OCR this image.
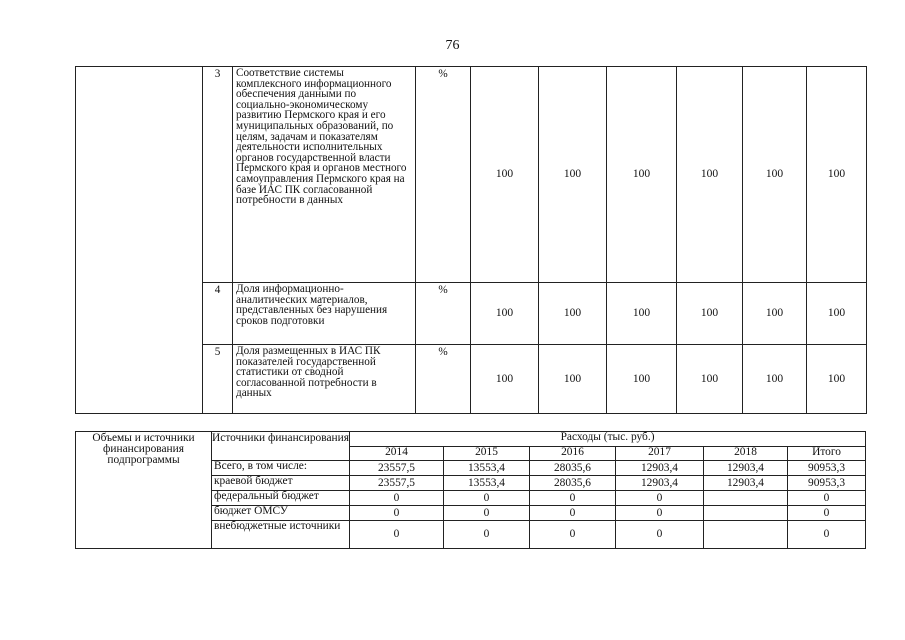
76
	3	Соответствие системы комплексного информационного обеспечения данными по социально-экономическому развитию Пермского края и его муниципальных образований, по целям, задачам и показателям деятельности исполнительных органов государственной власти Пермского края и органов местного самоуправления Пермского края на базе ИАС ПК согласованной потребности в данных	%	100	100	100	100	100	100
	4	Доля информационно-аналитических материалов, представленных без нарушения сроков подготовки	%	100	100	100	100	100	100
	5	Доля размещенных в ИАС ПК показателей государственной статистики от сводной согласованной потребности в данных	%	100	100	100	100	100	100
Объемы и источники финансирования подпрограммы	Источники финансирования	Расходы (тыс. руб.)					
		2014	2015	2016	2017	2018	Итого
	Всего, в том числе:	23557,5	13553,4	28035,6	12903,4	12903,4	90953,3
	краевой бюджет	23557,5	13553,4	28035,6	12903,4	12903,4	90953,3
	федеральный бюджет	0	0	0	0		0
	бюджет ОМСУ	0	0	0	0		0
	внебюджетные источники	0	0	0	0		0
